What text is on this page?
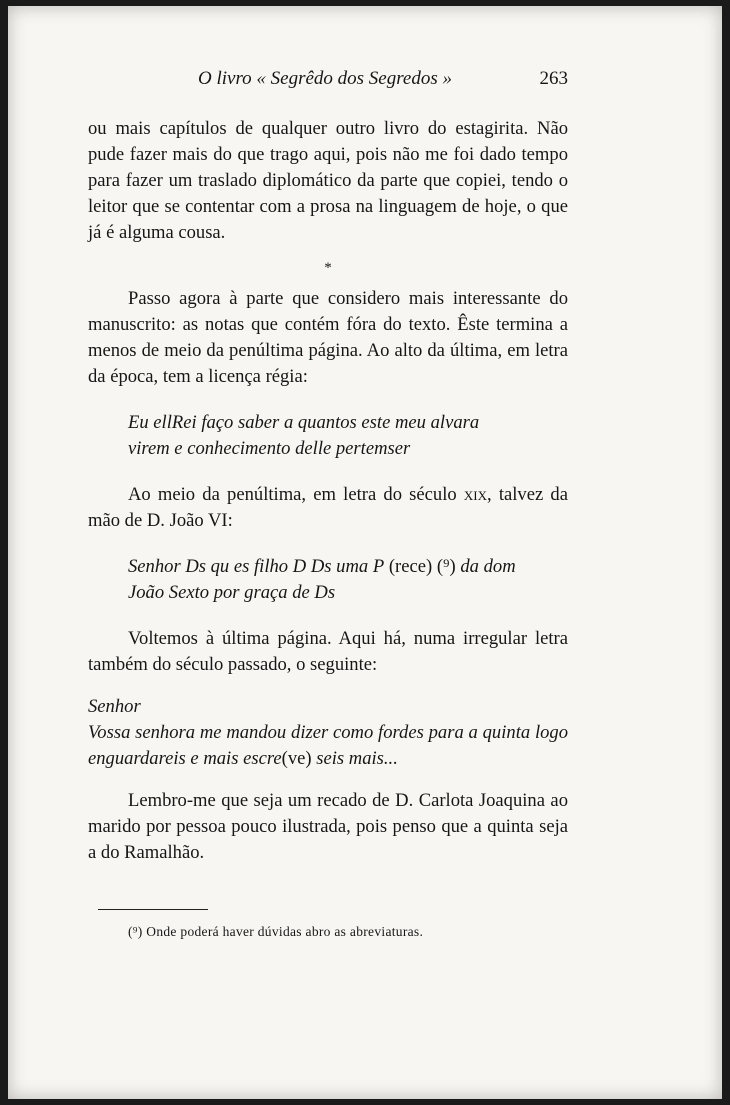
O livro « Segrêdo dos Segredos »	263

ou mais capítulos de qualquer outro livro do estagirita. Não pude fazer mais do que trago aqui, pois não me foi dado tempo para fazer um traslado diplomático da parte que copiei, tendo o leitor que se contentar com a prosa na linguagem de hoje, o que já é alguma cousa.

*

Passo agora à parte que considero mais interessante do manuscrito: as notas que contém fóra do texto. Êste termina a menos de meio da penúltima página. Ao alto da última, em letra da época, tem a licença régia:

Eu ellRei faço saber a quantos este meu alvara virem e conhecimento delle pertemser

Ao meio da penúltima, em letra do século xix, talvez da mão de D. João VI:

Senhor Ds qu es filho D Ds uma P (rece) (⁹) da dom João Sexto por graça de Ds

Voltemos à última página. Aqui há, numa irregular letra também do século passado, o seguinte:

Senhor

Vossa senhora me mandou dizer como fordes para a quinta logo enguardareis e mais escre(ve) seis mais...

Lembro-me que seja um recado de D. Carlota Joaquina ao marido por pessoa pouco ilustrada, pois penso que a quinta seja a do Ramalhão.

(⁹) Onde poderá haver dúvidas abro as abreviaturas.
